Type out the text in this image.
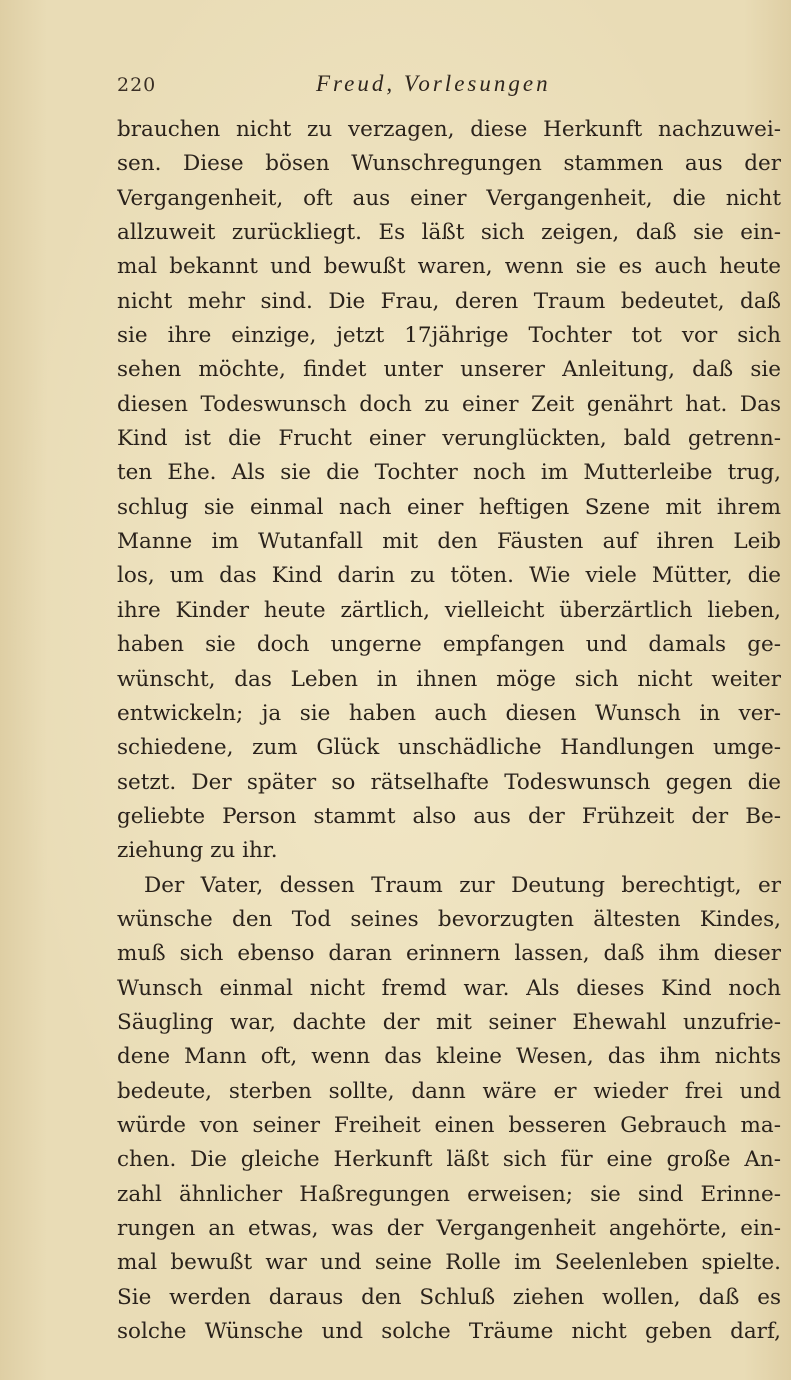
220	Freud, Vorlesungen
brauchen nicht zu verzagen, diese Herkunft nachzuwei-
sen. Diese bösen Wunschregungen stammen aus der
Vergangenheit, oft aus einer Vergangenheit, die nicht
allzuweit zurückliegt. Es läßt sich zeigen, daß sie ein-
mal bekannt und bewußt waren, wenn sie es auch heute
nicht mehr sind. Die Frau, deren Traum bedeutet, daß
sie ihre einzige, jetzt 17jährige Tochter tot vor sich
sehen möchte, findet unter unserer Anleitung, daß sie
diesen Todeswunsch doch zu einer Zeit genährt hat. Das
Kind ist die Frucht einer verunglückten, bald getrenn-
ten Ehe. Als sie die Tochter noch im Mutterleibe trug,
schlug sie einmal nach einer heftigen Szene mit ihrem
Manne im Wutanfall mit den Fäusten auf ihren Leib
los, um das Kind darin zu töten. Wie viele Mütter, die
ihre Kinder heute zärtlich, vielleicht überzärtlich lieben,
haben sie doch ungerne empfangen und damals ge-
wünscht, das Leben in ihnen möge sich nicht weiter
entwickeln; ja sie haben auch diesen Wunsch in ver-
schiedene, zum Glück unschädliche Handlungen umge-
setzt. Der später so rätselhafte Todeswunsch gegen die
geliebte Person stammt also aus der Frühzeit der Be-
ziehung zu ihr.
Der Vater, dessen Traum zur Deutung berechtigt, er
wünsche den Tod seines bevorzugten ältesten Kindes,
muß sich ebenso daran erinnern lassen, daß ihm dieser
Wunsch einmal nicht fremd war. Als dieses Kind noch
Säugling war, dachte der mit seiner Ehewahl unzufrie-
dene Mann oft, wenn das kleine Wesen, das ihm nichts
bedeute, sterben sollte, dann wäre er wieder frei und
würde von seiner Freiheit einen besseren Gebrauch ma-
chen. Die gleiche Herkunft läßt sich für eine große An-
zahl ähnlicher Haßregungen erweisen; sie sind Erinne-
rungen an etwas, was der Vergangenheit angehörte, ein-
mal bewußt war und seine Rolle im Seelenleben spielte.
Sie werden daraus den Schluß ziehen wollen, daß es
solche Wünsche und solche Träume nicht geben darf,
